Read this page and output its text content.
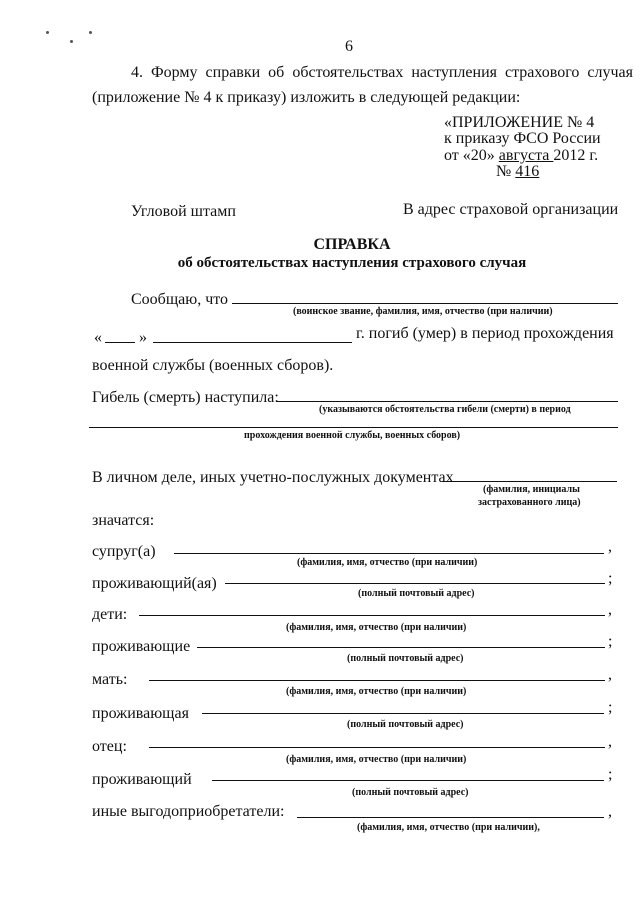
6
4. Форму справки об обстоятельствах наступления страхового случая
(приложение № 4 к приказу) изложить в следующей редакции:
«ПРИЛОЖЕНИЕ № 4
к приказу ФСО России
от «20» августа 2012 г.
№ 416
Угловой штамп	В адрес страховой организации
СПРАВКА
об обстоятельствах наступления страхового случая
Сообщаю, что
(воинское звание, фамилия, имя, отчество (при наличии)
« »	г. погиб (умер) в период прохождения
военной службы (военных сборов).
Гибель (смерть) наступила:
(указываются обстоятельства гибели (смерти) в период
прохождения военной службы, военных сборов)
В личном деле, иных учетно-послужных документах
(фамилия, инициалы
застрахованного лица)
значатся:
супруг(а)	,
(фамилия, имя, отчество (при наличии)
проживающий(ая)	;
(полный почтовый адрес)
дети:	,
(фамилия, имя, отчество (при наличии)
проживающие	;
(полный почтовый адрес)
мать:	,
(фамилия, имя, отчество (при наличии)
проживающая	;
(полный почтовый адрес)
отец:	,
(фамилия, имя, отчество (при наличии)
проживающий	;
(полный почтовый адрес)
иные выгодоприобретатели:	,
(фамилия, имя, отчество (при наличии),
